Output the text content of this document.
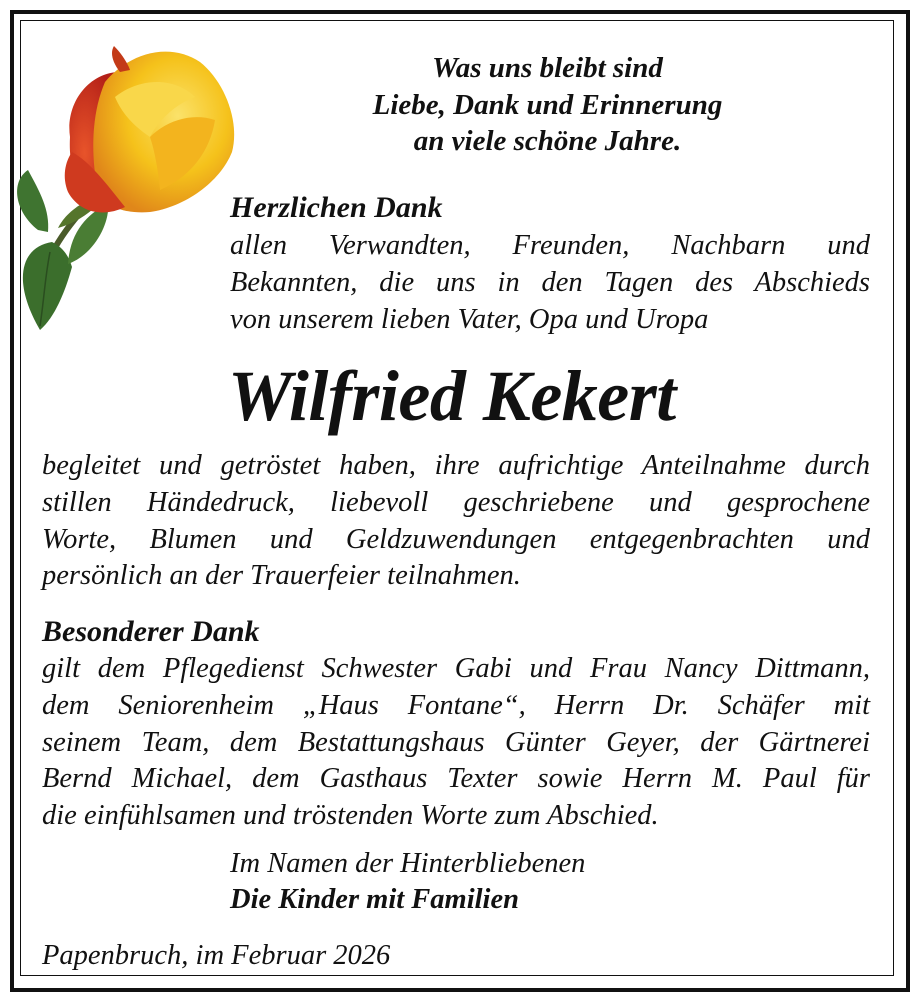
Was uns bleibt sind
Liebe, Dank und Erinnerung
an viele schöne Jahre.
Herzlichen Dank
allen Verwandten, Freunden, Nachbarn und
Bekannten, die uns in den Tagen des Abschieds
von unserem lieben Vater, Opa und Uropa
Wilfried Kekert
begleitet und getröstet haben, ihre aufrichtige Anteilnahme durch
stillen Händedruck, liebevoll geschriebene und gesprochene
Worte, Blumen und Geldzuwendungen entgegenbrachten und
persönlich an der Trauerfeier teilnahmen.
Besonderer Dank
gilt dem Pflegedienst Schwester Gabi und Frau Nancy Dittmann,
dem Seniorenheim „Haus Fontane“, Herrn Dr. Schäfer mit
seinem Team, dem Bestattungshaus Günter Geyer, der Gärtnerei
Bernd Michael, dem Gasthaus Texter sowie Herrn M. Paul für
die einfühlsamen und tröstenden Worte zum Abschied.
Im Namen der Hinterbliebenen
Die Kinder mit Familien
Papenbruch, im Februar 2026
